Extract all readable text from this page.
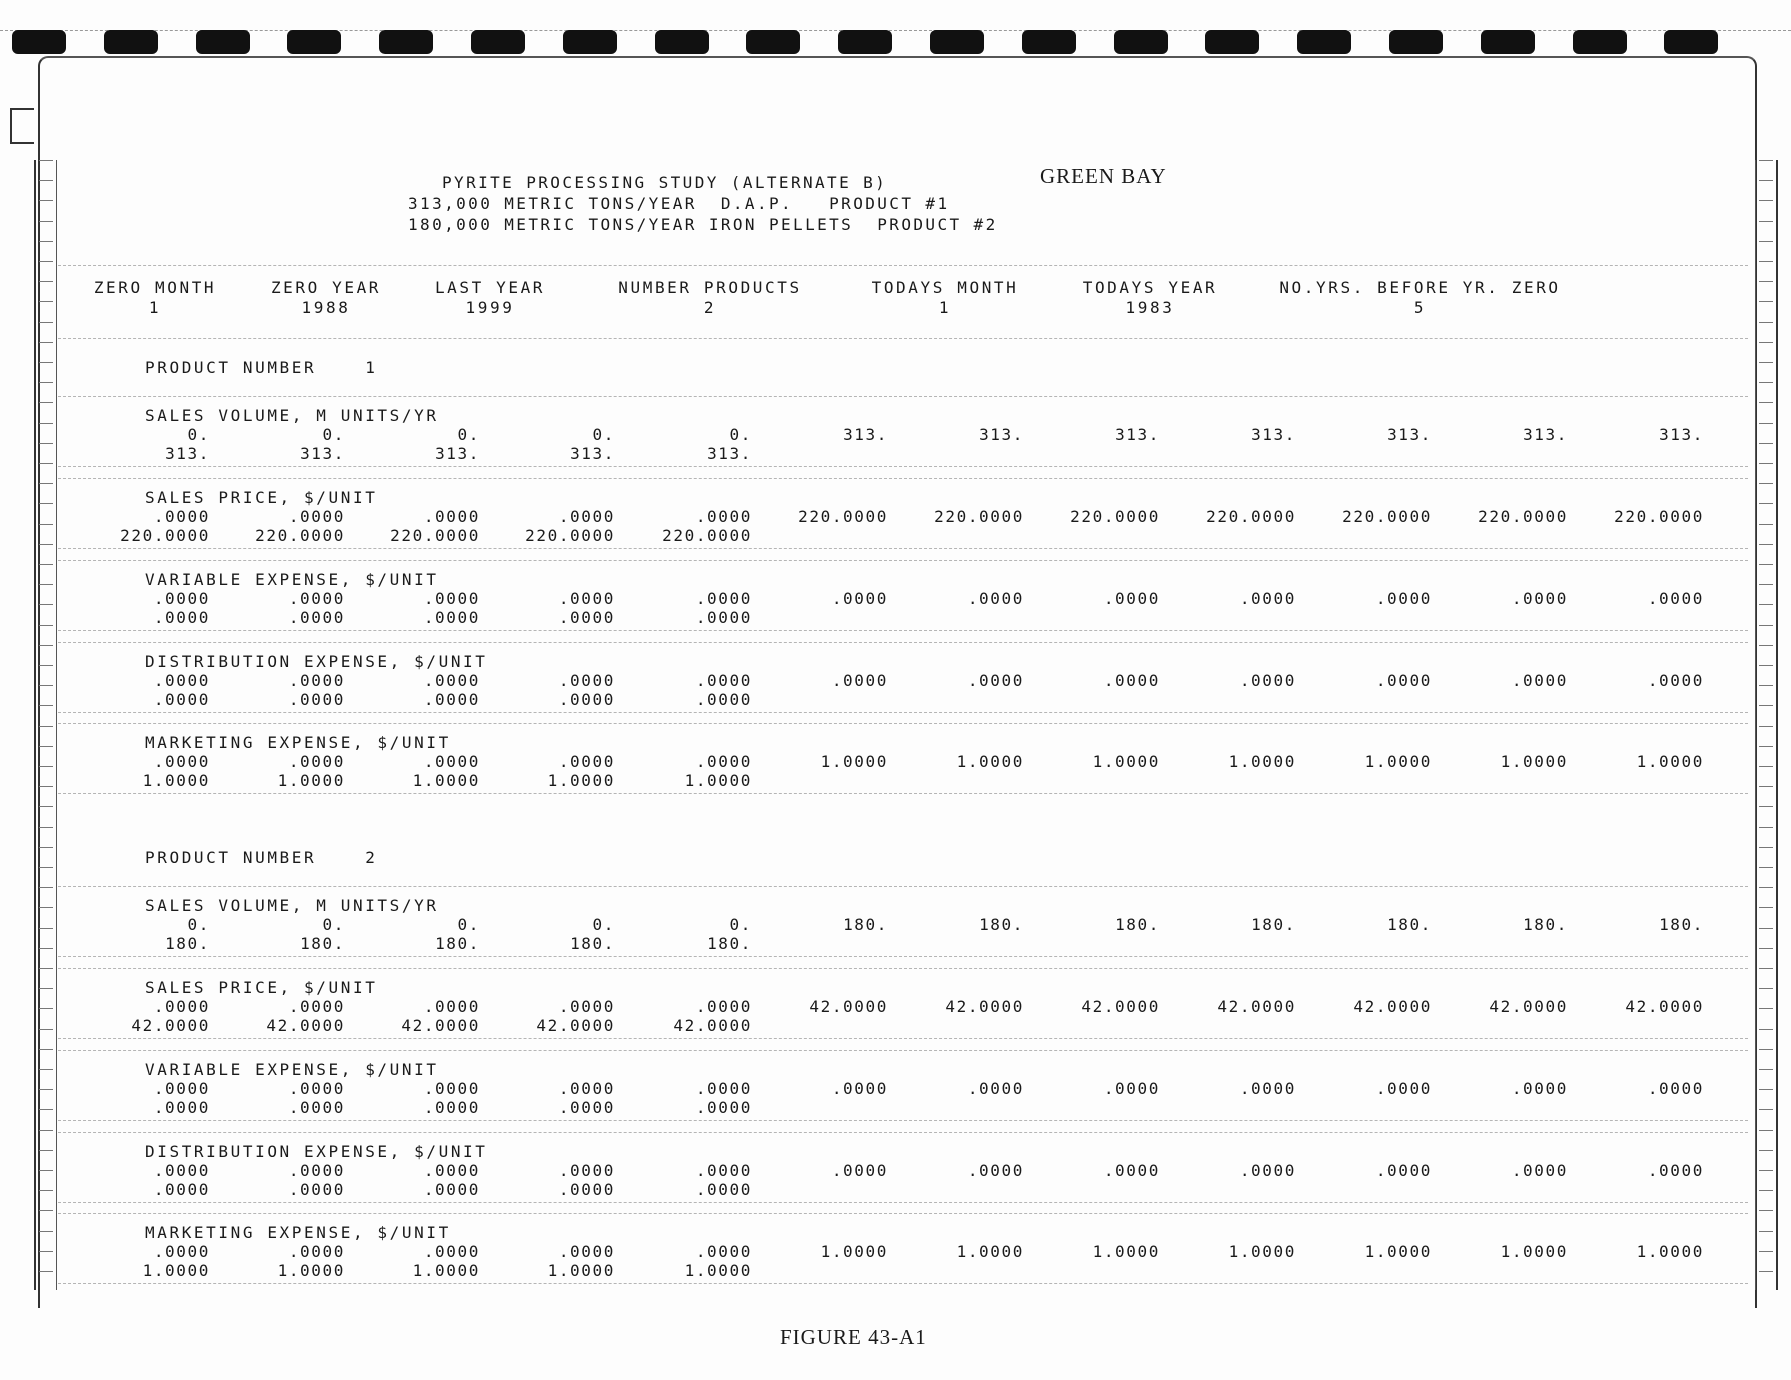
GREEN BAY
PYRITE PROCESSING STUDY (ALTERNATE B)
313,000 METRIC TONS/YEAR  D.A.P.   PRODUCT #1
180,000 METRIC TONS/YEAR IRON PELLETS  PRODUCT #2
ZERO MONTH
1
ZERO YEAR
1988
LAST YEAR
1999
NUMBER PRODUCTS
2
TODAYS MONTH
1
TODAYS YEAR
1983
NO.YRS. BEFORE YR. ZERO
5
PRODUCT NUMBER    1
SALES VOLUME, M UNITS/YR
0.	0.	0.	0.	0.	313.	313.	313.	313.	313.	313.	313.
313.	313.	313.	313.	313.
SALES PRICE, $/UNIT
.0000	.0000	.0000	.0000	.0000	220.0000	220.0000	220.0000	220.0000	220.0000	220.0000	220.0000
220.0000	220.0000	220.0000	220.0000	220.0000
VARIABLE EXPENSE, $/UNIT
.0000	.0000	.0000	.0000	.0000	.0000	.0000	.0000	.0000	.0000	.0000	.0000
.0000	.0000	.0000	.0000	.0000
DISTRIBUTION EXPENSE, $/UNIT
.0000	.0000	.0000	.0000	.0000	.0000	.0000	.0000	.0000	.0000	.0000	.0000
.0000	.0000	.0000	.0000	.0000
MARKETING EXPENSE, $/UNIT
.0000	.0000	.0000	.0000	.0000	1.0000	1.0000	1.0000	1.0000	1.0000	1.0000	1.0000
1.0000	1.0000	1.0000	1.0000	1.0000
PRODUCT NUMBER    2
SALES VOLUME, M UNITS/YR
0.	0.	0.	0.	0.	180.	180.	180.	180.	180.	180.	180.
180.	180.	180.	180.	180.
SALES PRICE, $/UNIT
.0000	.0000	.0000	.0000	.0000	42.0000	42.0000	42.0000	42.0000	42.0000	42.0000	42.0000
42.0000	42.0000	42.0000	42.0000	42.0000
VARIABLE EXPENSE, $/UNIT
.0000	.0000	.0000	.0000	.0000	.0000	.0000	.0000	.0000	.0000	.0000	.0000
.0000	.0000	.0000	.0000	.0000
DISTRIBUTION EXPENSE, $/UNIT
.0000	.0000	.0000	.0000	.0000	.0000	.0000	.0000	.0000	.0000	.0000	.0000
.0000	.0000	.0000	.0000	.0000
MARKETING EXPENSE, $/UNIT
.0000	.0000	.0000	.0000	.0000	1.0000	1.0000	1.0000	1.0000	1.0000	1.0000	1.0000
1.0000	1.0000	1.0000	1.0000	1.0000
FIGURE 43-A1
